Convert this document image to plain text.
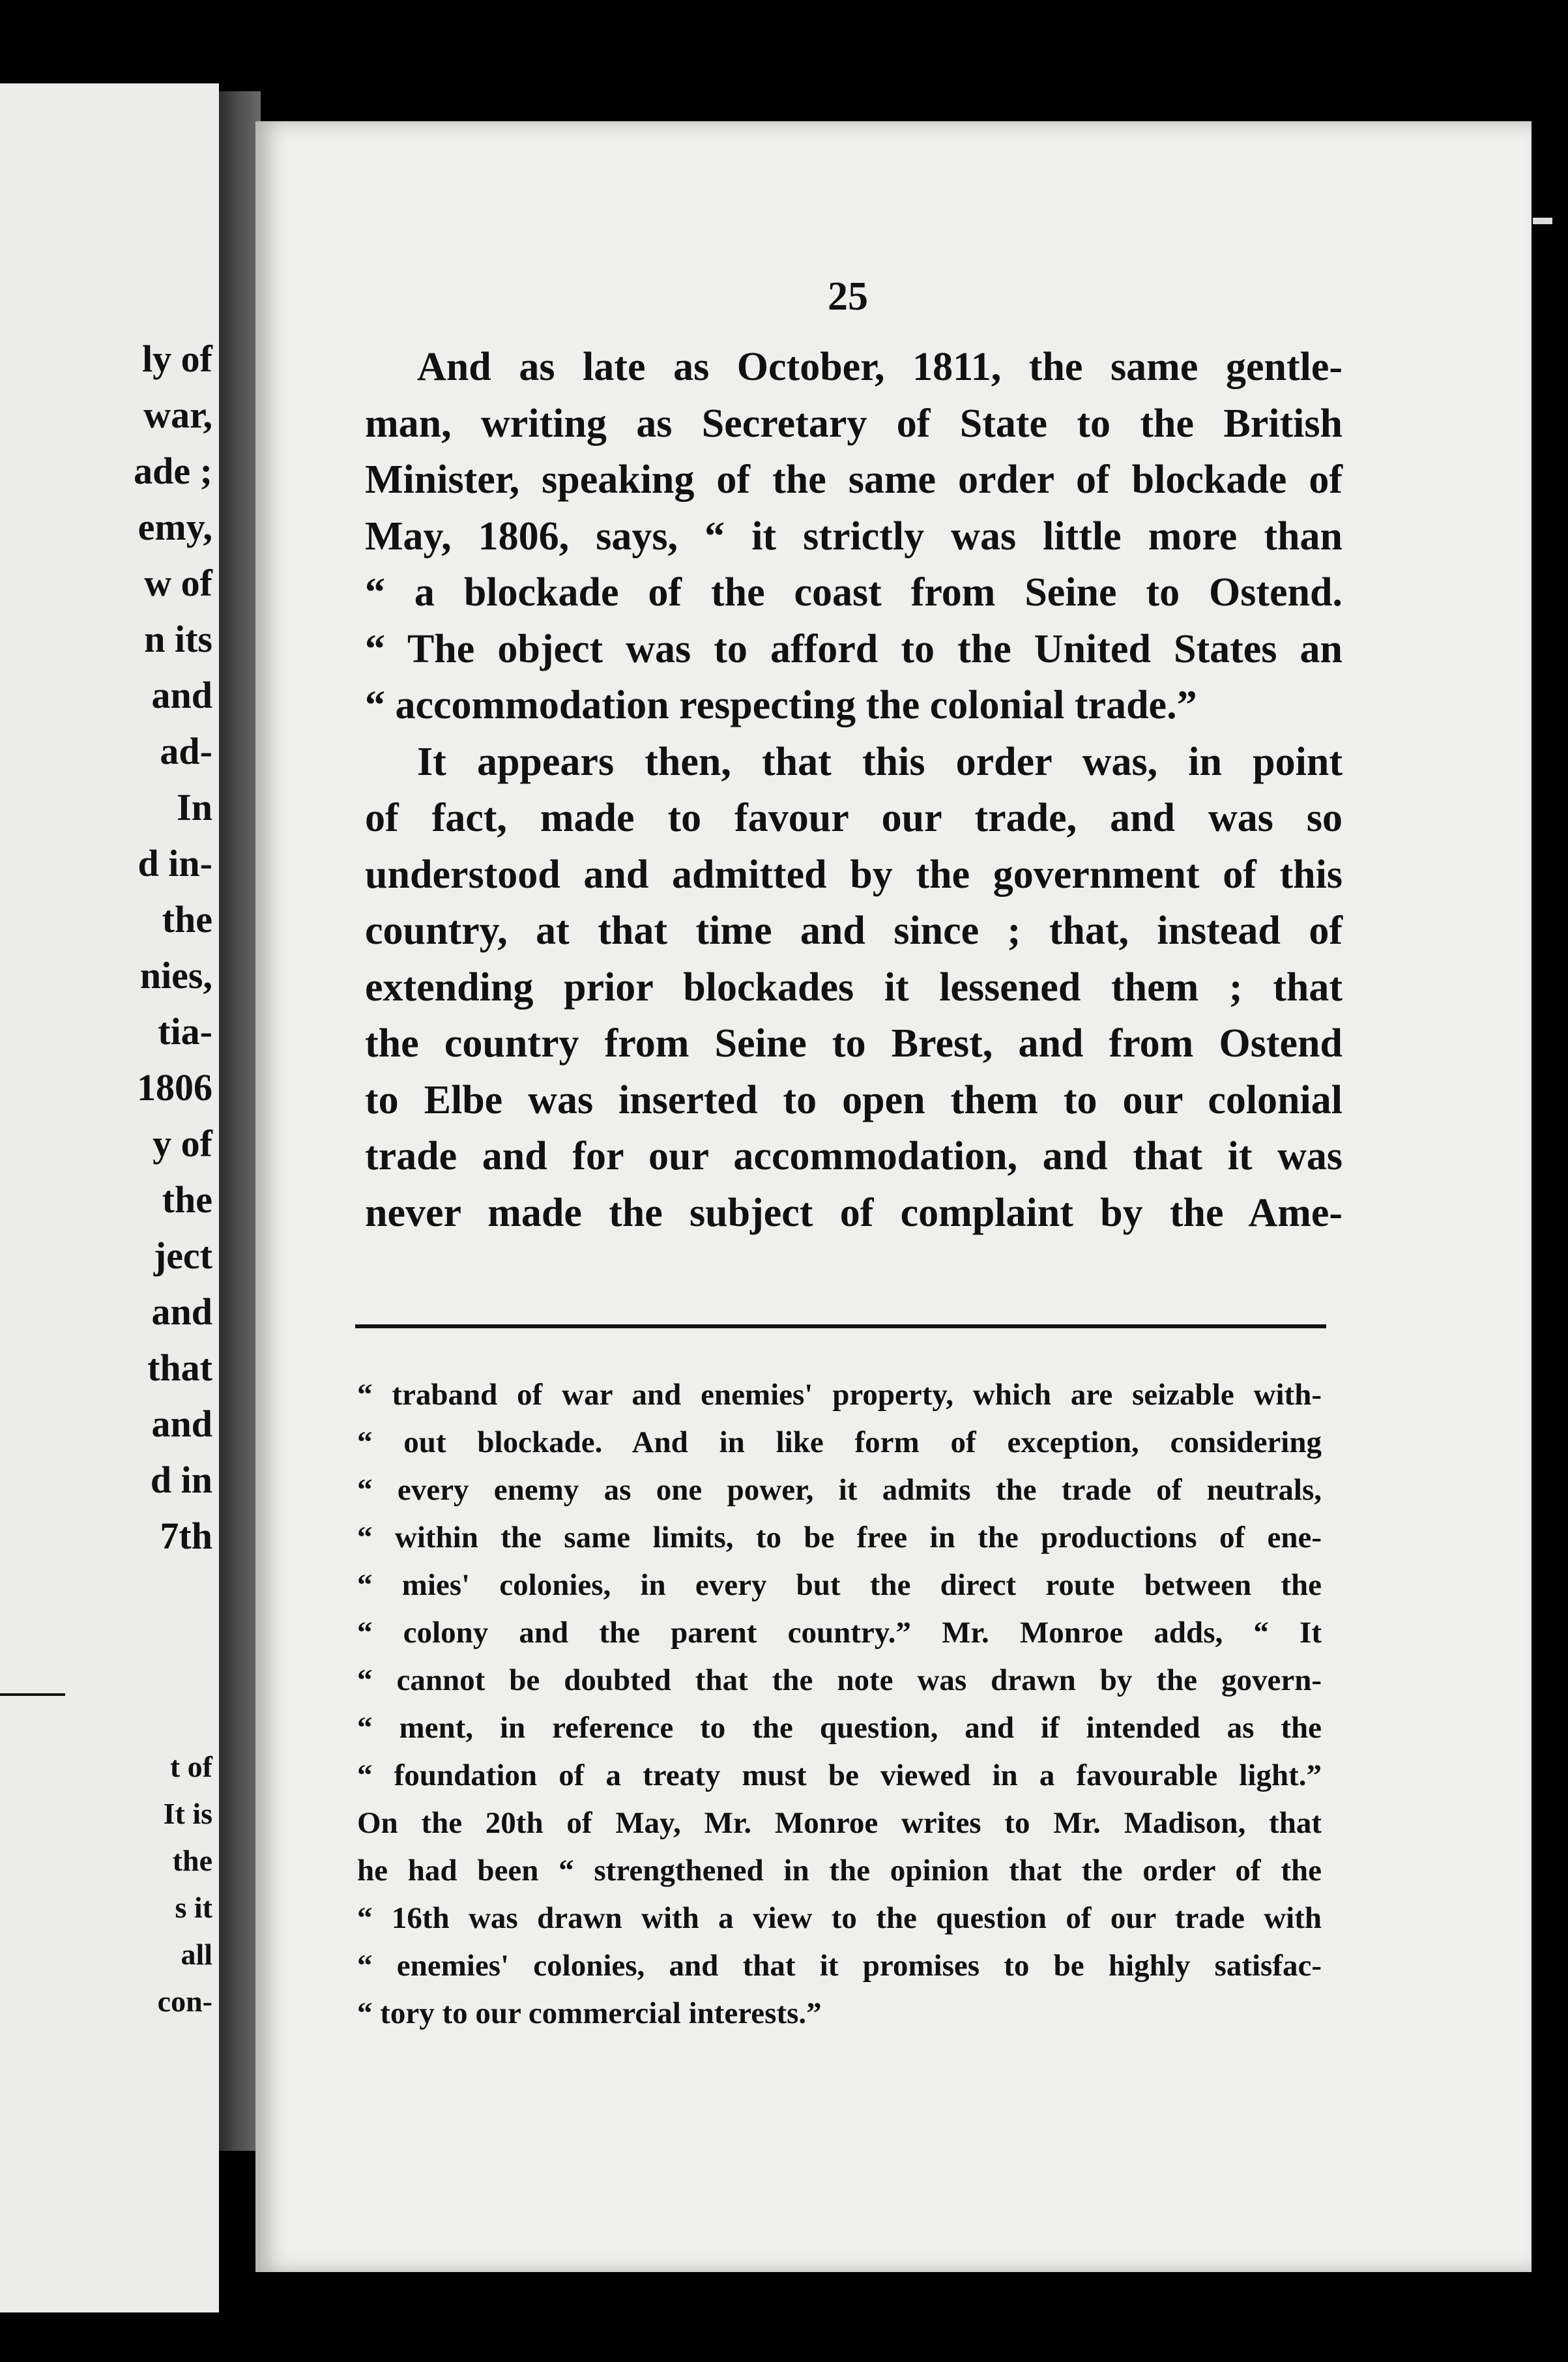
ly of
war,
ade ;
emy,
w of
n its
and
ad-
In
d in-
the
nies,
tia-
1806
y of
the
ject
and
that
and
d in
7th
t of
It is
the
s it
all
con-
25
And as late as October, 1811, the same gentle-
man, writing as Secretary of State to the British
Minister, speaking of the same order of blockade of
May, 1806, says, “ it strictly was little more than
“ a blockade of the coast from Seine to Ostend.
“ The object was to afford to the United States an
“ accommodation respecting the colonial trade.”
It appears then, that this order was, in point
of fact, made to favour our trade, and was so
understood and admitted by the government of this
country, at that time and since ; that, instead of
extending prior blockades it lessened them ; that
the country from Seine to Brest, and from Ostend
to Elbe was inserted to open them to our colonial
trade and for our accommodation, and that it was
never made the subject of complaint by the Ame-
“ traband of war and enemies' property, which are seizable with-
“ out blockade. And in like form of exception, considering
“ every enemy as one power, it admits the trade of neutrals,
“ within the same limits, to be free in the productions of ene-
“ mies' colonies, in every but the direct route between the
“ colony and the parent country.” Mr. Monroe adds, “ It
“ cannot be doubted that the note was drawn by the govern-
“ ment, in reference to the question, and if intended as the
“ foundation of a treaty must be viewed in a favourable light.”
On the 20th of May, Mr. Monroe writes to Mr. Madison, that
he had been “ strengthened in the opinion that the order of the
“ 16th was drawn with a view to the question of our trade with
“ enemies' colonies, and that it promises to be highly satisfac-
“ tory to our commercial interests.”
